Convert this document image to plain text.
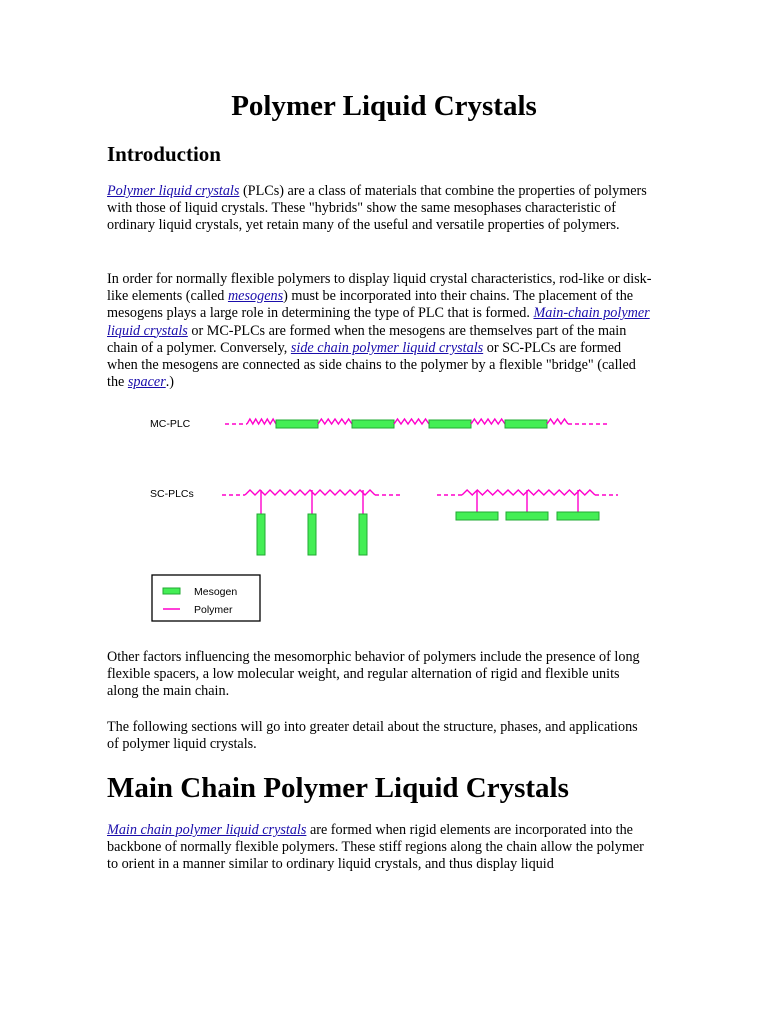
Polymer Liquid Crystals
Introduction

Polymer liquid crystals (PLCs) are a class of materials that combine the properties of polymers with those of liquid crystals. These "hybrids" show the same mesophases characteristic of ordinary liquid crystals, yet retain many of the useful and versatile properties of polymers.

In order for normally flexible polymers to display liquid crystal characteristics, rod-like or disk-like elements (called mesogens) must be incorporated into their chains. The placement of the mesogens plays a large role in determining the type of PLC that is formed. Main-chain polymer liquid crystals or MC-PLCs are formed when the mesogens are themselves part of the main chain of a polymer. Conversely, side chain polymer liquid crystals or SC-PLCs are formed when the mesogens are connected as side chains to the polymer by a flexible "bridge" (called the spacer.)

MC-PLC
SC-PLCs
Mesogen
Polymer

Other factors influencing the mesomorphic behavior of polymers include the presence of long flexible spacers, a low molecular weight, and regular alternation of rigid and flexible units along the main chain.

The following sections will go into greater detail about the structure, phases, and applications of polymer liquid crystals.

Main Chain Polymer Liquid Crystals

Main chain polymer liquid crystals are formed when rigid elements are incorporated into the backbone of normally flexible polymers. These stiff regions along the chain allow the polymer to orient in a manner similar to ordinary liquid crystals, and thus display liquid
